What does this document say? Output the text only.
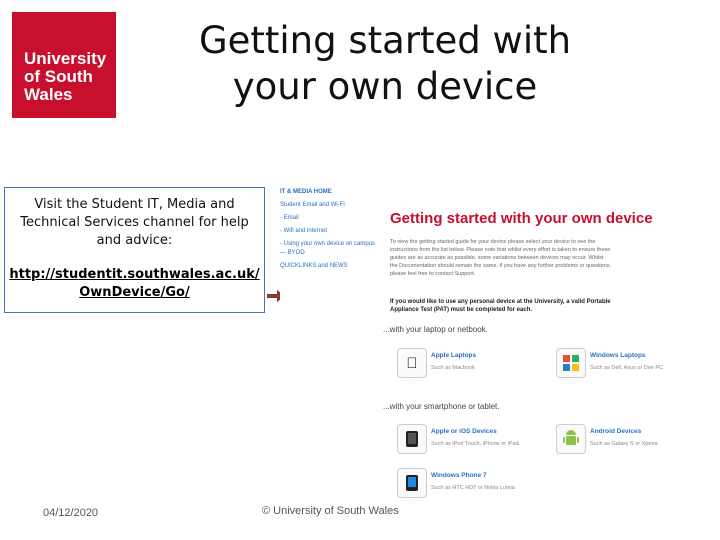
University of South Wales
Getting started with your own device
Visit the Student IT, Media and Technical Services channel for help and advice:
http://studentit.southwales.ac.uk/OwnDevice/Go/
IT & MEDIA HOME
Student Email and Wi-Fi
- Email
- Wifi and internet
- Using your own device on campus — BYOD
QUICKLINKS and NEWS
Getting started with your own device
To view the getting started guide for your device please select your device to see the instructions from the list below. Please note that whilst every effort is taken to ensure these guides are as accurate as possible, some variations between devices may occur. Whilst the Documentation should remain the same, if you have any further problems or questions, please feel free to contact Support.
If you would like to use any personal device at the University, a valid Portable Appliance Test (PAT) must be completed for each.
...with your laptop or netbook.
Apple Laptops
Such as Macbook
Windows Laptops
Such as Dell, Asus or Dee PC
...with your smartphone or tablet.
Apple or iOS Devices
Such as iPod Touch, iPhone or iPad.
Android Devices
Such as Galaxy S or Xperia
Windows Phone 7
Such as HTC HD7 or Nokia Lumia
04/12/2020	© University of South Wales
